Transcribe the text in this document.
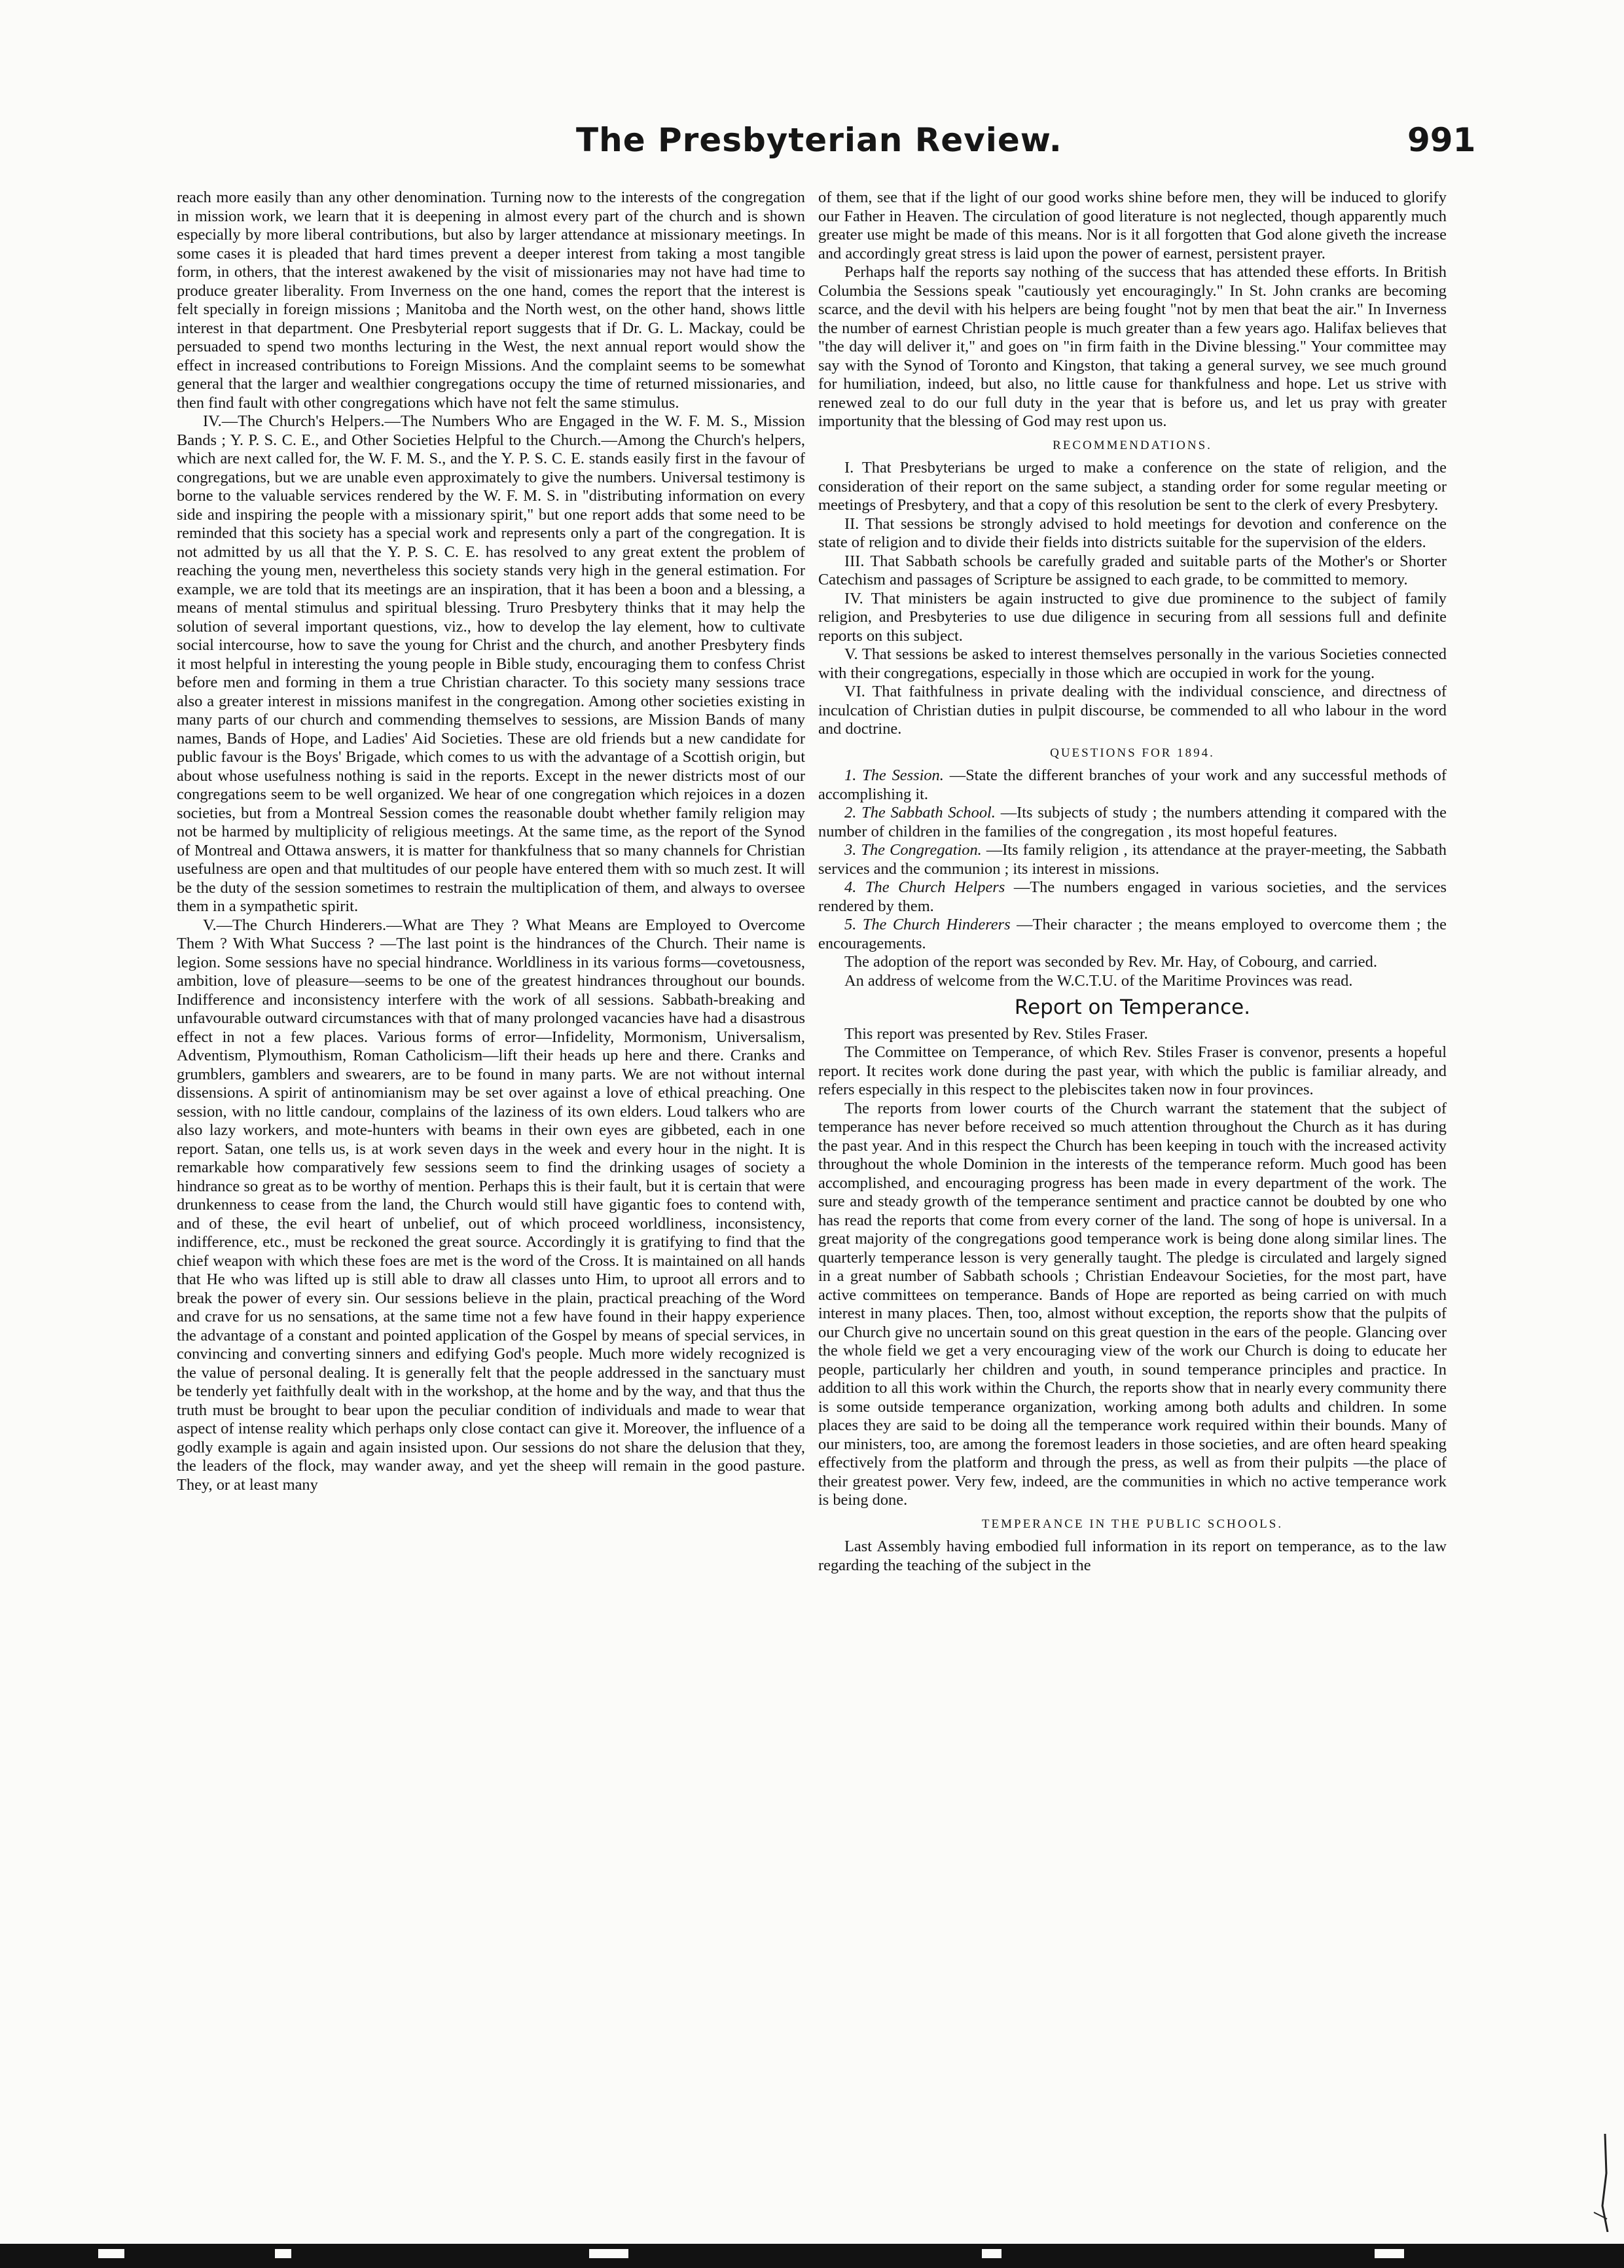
The Presbyterian Review.	991

reach more easily than any other denomination. Turning now to the interests of the congregation in mission work, we learn that it is deepening in almost every part of the church and is shown especially by more liberal contributions, but also by larger attendance at missionary meetings. In some cases it is pleaded that hard times prevent a deeper interest from taking a most tangible form, in others, that the interest awakened by the visit of missionaries may not have had time to produce greater liberality. From Inverness on the one hand, comes the report that the interest is felt specially in foreign missions ; Manitoba and the North west, on the other hand, shows little interest in that department. One Presbyterial report suggests that if Dr. G. L. Mackay, could be persuaded to spend two months lecturing in the West, the next annual report would show the effect in increased contributions to Foreign Missions. And the complaint seems to be somewhat general that the larger and wealthier congregations occupy the time of returned missionaries, and then find fault with other congregations which have not felt the same stimulus.

IV.—The Church's Helpers.—The Numbers Who are Engaged in the W. F. M. S., Mission Bands ; Y. P. S. C. E., and Other Societies Helpful to the Church.—Among the Church's helpers, which are next called for, the W. F. M. S., and the Y. P. S. C. E. stands easily first in the favour of congregations, but we are unable even approximately to give the numbers. Universal testimony is borne to the valuable services rendered by the W. F. M. S. in "distributing information on every side and inspiring the people with a missionary spirit," but one report adds that some need to be reminded that this society has a special work and represents only a part of the congregation. It is not admitted by us all that the Y. P. S. C. E. has resolved to any great extent the problem of reaching the young men, nevertheless this society stands very high in the general estimation. For example, we are told that its meetings are an inspiration, that it has been a boon and a blessing, a means of mental stimulus and spiritual blessing. Truro Presbytery thinks that it may help the solution of several important questions, viz., how to develop the lay element, how to cultivate social intercourse, how to save the young for Christ and the church, and another Presbytery finds it most helpful in interesting the young people in Bible study, encouraging them to confess Christ before men and forming in them a true Christian character. To this society many sessions trace also a greater interest in missions manifest in the congregation. Among other societies existing in many parts of our church and commending themselves to sessions, are Mission Bands of many names, Bands of Hope, and Ladies' Aid Societies. These are old friends but a new candidate for public favour is the Boys' Brigade, which comes to us with the advantage of a Scottish origin, but about whose usefulness nothing is said in the reports. Except in the newer districts most of our congregations seem to be well organized. We hear of one congregation which rejoices in a dozen societies, but from a Montreal Session comes the reasonable doubt whether family religion may not be harmed by multiplicity of religious meetings. At the same time, as the report of the Synod of Montreal and Ottawa answers, it is matter for thankfulness that so many channels for Christian usefulness are open and that multitudes of our people have entered them with so much zest. It will be the duty of the session sometimes to restrain the multiplication of them, and always to oversee them in a sympathetic spirit.

V.—The Church Hinderers.—What are They ? What Means are Employed to Overcome Them ? With What Success ? —The last point is the hindrances of the Church. Their name is legion. Some sessions have no special hindrance. Worldliness in its various forms—covetousness, ambition, love of pleasure—seems to be one of the greatest hindrances throughout our bounds. Indifference and inconsistency interfere with the work of all sessions. Sabbath-breaking and unfavourable outward circumstances with that of many prolonged vacancies have had a disastrous effect in not a few places. Various forms of error—Infidelity, Mormonism, Universalism, Adventism, Plymouthism, Roman Catholicism—lift their heads up here and there. Cranks and grumblers, gamblers and swearers, are to be found in many parts. We are not without internal dissensions. A spirit of antinomianism may be set over against a love of ethical preaching. One session, with no little candour, complains of the laziness of its own elders. Loud talkers who are also lazy workers, and mote-hunters with beams in their own eyes are gibbeted, each in one report. Satan, one tells us, is at work seven days in the week and every hour in the night. It is remarkable how comparatively few sessions seem to find the drinking usages of society a hindrance so great as to be worthy of mention. Perhaps this is their fault, but it is certain that were drunkenness to cease from the land, the Church would still have gigantic foes to contend with, and of these, the evil heart of unbelief, out of which proceed worldliness, inconsistency, indifference, etc., must be reckoned the great source. Accordingly it is gratifying to find that the chief weapon with which these foes are met is the word of the Cross. It is maintained on all hands that He who was lifted up is still able to draw all classes unto Him, to uproot all errors and to break the power of every sin. Our sessions believe in the plain, practical preaching of the Word and crave for us no sensations, at the same time not a few have found in their happy experience the advantage of a constant and pointed application of the Gospel by means of special services, in convincing and converting sinners and edifying God's people. Much more widely recognized is the value of personal dealing. It is generally felt that the people addressed in the sanctuary must be tenderly yet faithfully dealt with in the workshop, at the home and by the way, and that thus the truth must be brought to bear upon the peculiar condition of individuals and made to wear that aspect of intense reality which perhaps only close contact can give it. Moreover, the influence of a godly example is again and again insisted upon. Our sessions do not share the delusion that they, the leaders of the flock, may wander away, and yet the sheep will remain in the good pasture. They, or at least many

of them, see that if the light of our good works shine before men, they will be induced to glorify our Father in Heaven. The circulation of good literature is not neglected, though apparently much greater use might be made of this means. Nor is it all forgotten that God alone giveth the increase and accordingly great stress is laid upon the power of earnest, persistent prayer.

Perhaps half the reports say nothing of the success that has attended these efforts. In British Columbia the Sessions speak "cautiously yet encouragingly." In St. John cranks are becoming scarce, and the devil with his helpers are being fought "not by men that beat the air." In Inverness the number of earnest Christian people is much greater than a few years ago. Halifax believes that "the day will deliver it," and goes on "in firm faith in the Divine blessing." Your committee may say with the Synod of Toronto and Kingston, that taking a general survey, we see much ground for humiliation, indeed, but also, no little cause for thankfulness and hope. Let us strive with renewed zeal to do our full duty in the year that is before us, and let us pray with greater importunity that the blessing of God may rest upon us.

RECOMMENDATIONS.

I. That Presbyterians be urged to make a conference on the state of religion, and the consideration of their report on the same subject, a standing order for some regular meeting or meetings of Presbytery, and that a copy of this resolution be sent to the clerk of every Presbytery.

II. That sessions be strongly advised to hold meetings for devotion and conference on the state of religion and to divide their fields into districts suitable for the supervision of the elders.

III. That Sabbath schools be carefully graded and suitable parts of the Mother's or Shorter Catechism and passages of Scripture be assigned to each grade, to be committed to memory.

IV. That ministers be again instructed to give due prominence to the subject of family religion, and Presbyteries to use due diligence in securing from all sessions full and definite reports on this subject.

V. That sessions be asked to interest themselves personally in the various Societies connected with their congregations, especially in those which are occupied in work for the young.

VI. That faithfulness in private dealing with the individual conscience, and directness of inculcation of Christian duties in pulpit discourse, be commended to all who labour in the word and doctrine.

QUESTIONS FOR 1894.

1. The Session. —State the different branches of your work and any successful methods of accomplishing it.

2. The Sabbath School. —Its subjects of study ; the numbers attending it compared with the number of children in the families of the congregation , its most hopeful features.

3. The Congregation. —Its family religion , its attendance at the prayer-meeting, the Sabbath services and the communion ; its interest in missions.

4. The Church Helpers —The numbers engaged in various societies, and the services rendered by them.

5. The Church Hinderers —Their character ; the means employed to overcome them ; the encouragements.

The adoption of the report was seconded by Rev. Mr. Hay, of Cobourg, and carried.

An address of welcome from the W.C.T.U. of the Maritime Provinces was read.

Report on Temperance.

This report was presented by Rev. Stiles Fraser.

The Committee on Temperance, of which Rev. Stiles Fraser is convenor, presents a hopeful report. It recites work done during the past year, with which the public is familiar already, and refers especially in this respect to the plebiscites taken now in four provinces.

The reports from lower courts of the Church warrant the statement that the subject of temperance has never before received so much attention throughout the Church as it has during the past year. And in this respect the Church has been keeping in touch with the increased activity throughout the whole Dominion in the interests of the temperance reform. Much good has been accomplished, and encouraging progress has been made in every department of the work. The sure and steady growth of the temperance sentiment and practice cannot be doubted by one who has read the reports that come from every corner of the land. The song of hope is universal. In a great majority of the congregations good temperance work is being done along similar lines. The quarterly temperance lesson is very generally taught. The pledge is circulated and largely signed in a great number of Sabbath schools ; Christian Endeavour Societies, for the most part, have active committees on temperance. Bands of Hope are reported as being carried on with much interest in many places. Then, too, almost without exception, the reports show that the pulpits of our Church give no uncertain sound on this great question in the ears of the people. Glancing over the whole field we get a very encouraging view of the work our Church is doing to educate her people, particularly her children and youth, in sound temperance principles and practice. In addition to all this work within the Church, the reports show that in nearly every community there is some outside temperance organization, working among both adults and children. In some places they are said to be doing all the temperance work required within their bounds. Many of our ministers, too, are among the foremost leaders in those societies, and are often heard speaking effectively from the platform and through the press, as well as from their pulpits —the place of their greatest power. Very few, indeed, are the communities in which no active temperance work is being done.

TEMPERANCE IN THE PUBLIC SCHOOLS.

Last Assembly having embodied full information in its report on temperance, as to the law regarding the teaching of the subject in the
